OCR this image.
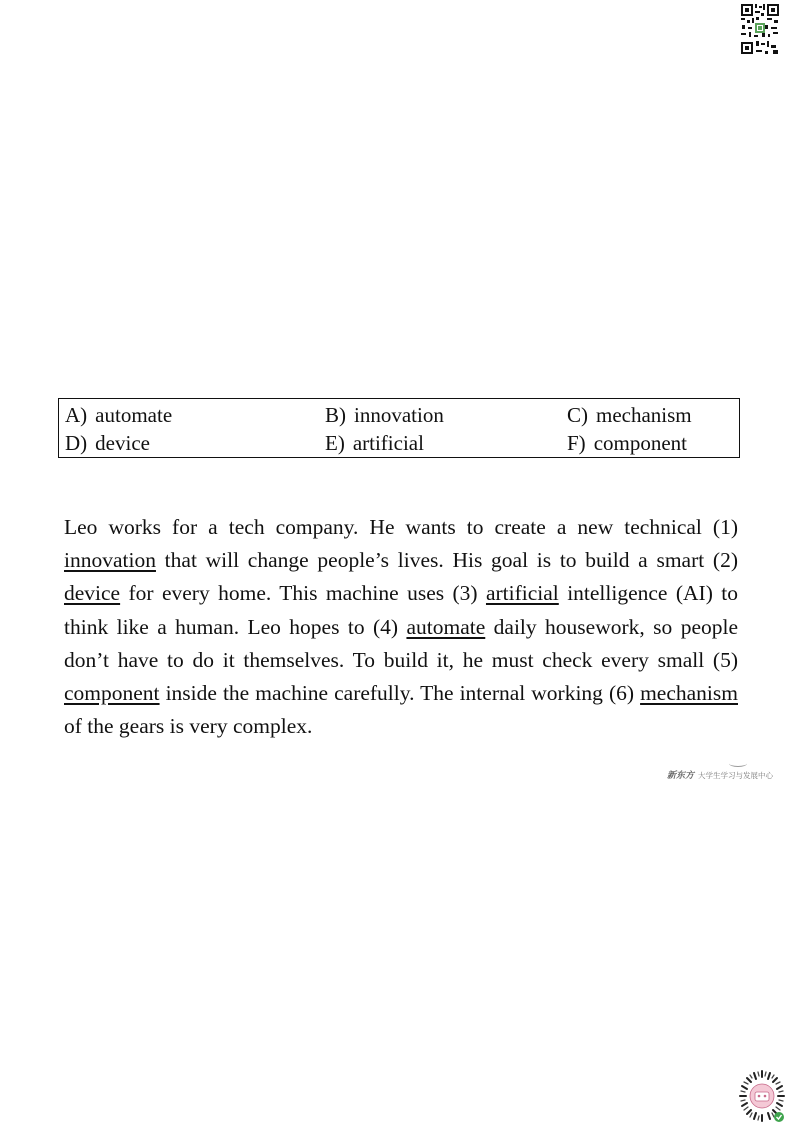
A) automate	B) innovation	C) mechanism
D) device	E) artificial	F) component
Leo works for a tech company. He wants to create a new technical (1) innovation that will change people’s lives. His goal is to build a smart (2) device for every home. This machine uses (3) artificial intelligence (AI) to think like a human. Leo hopes to (4) automate daily housework, so people don’t have to do it themselves. To build it, he must check every small (5) component inside the machine carefully. The internal working (6) mechanism of the gears is very complex.
新东方 大学生学习与发展中心
